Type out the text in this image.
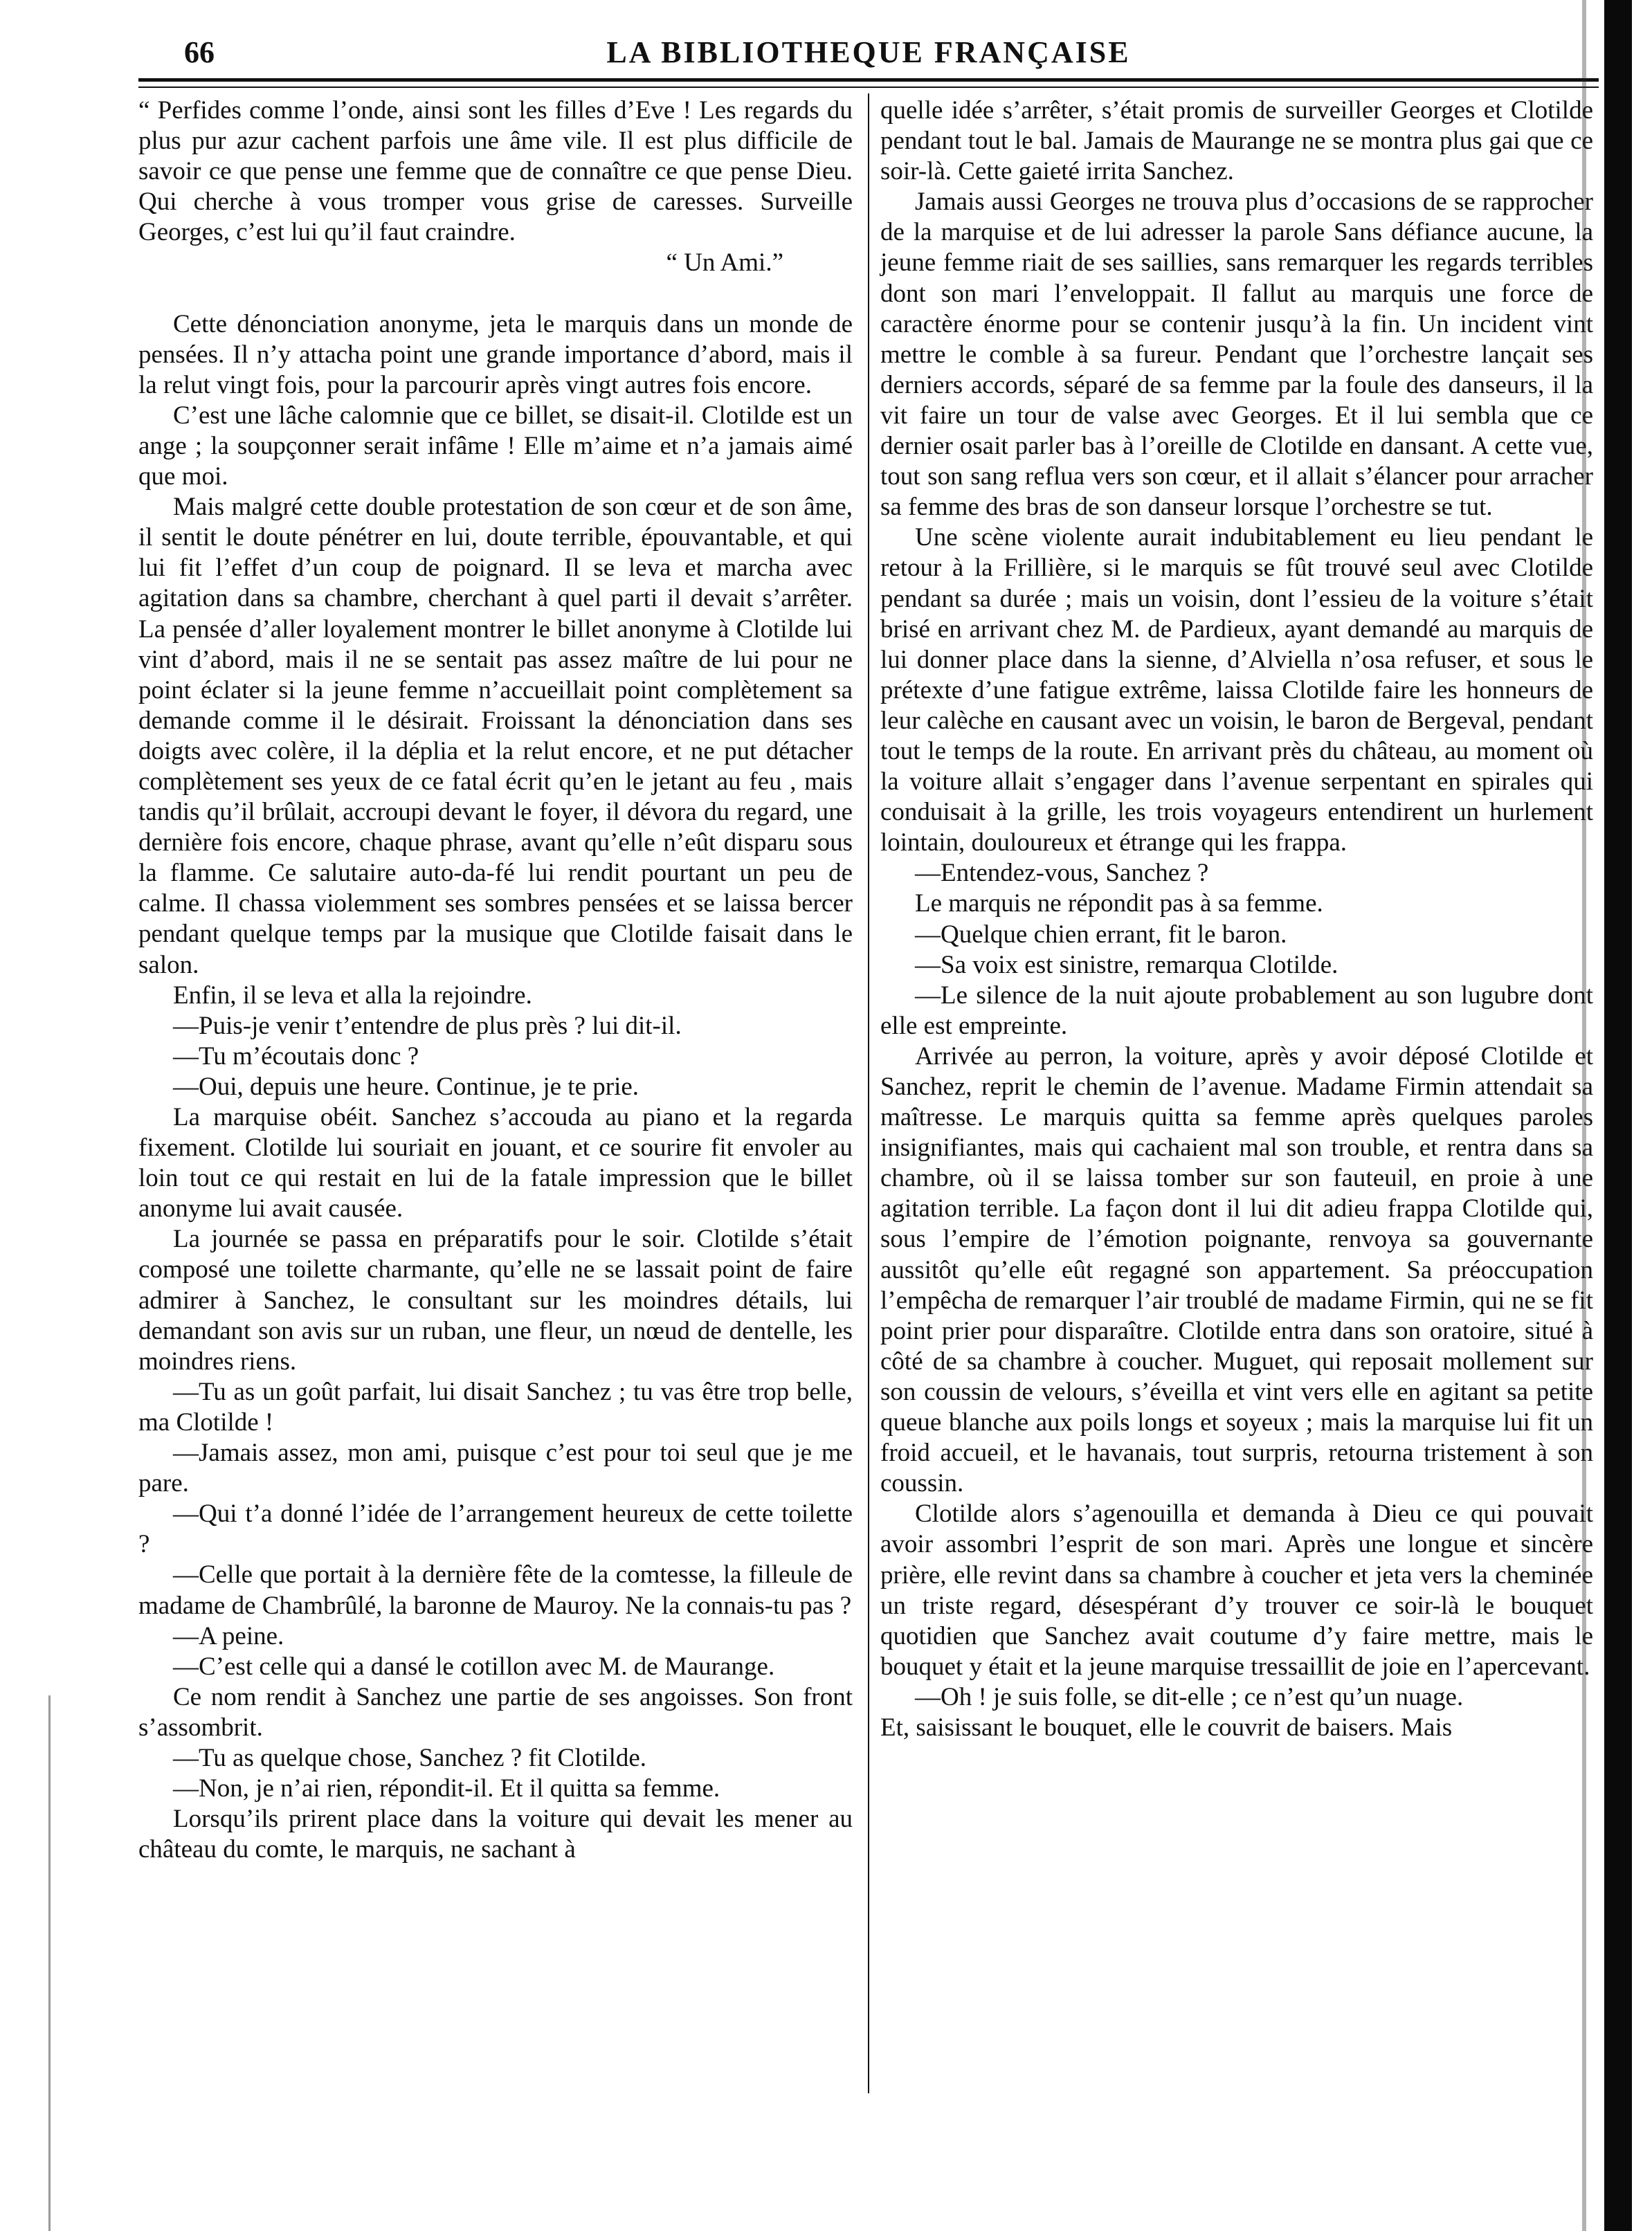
66	LA BIBLIOTHEQUE FRANÇAISE

“ Perfides comme l’onde, ainsi sont les filles d’Eve ! Les regards du plus pur azur cachent parfois une âme vile. Il est plus difficile de savoir ce que pense une femme que de connaître ce que pense Dieu. Qui cherche à vous tromper vous grise de caresses. Surveille Georges, c’est lui qu’il faut craindre.

“ Un Ami.”

Cette dénonciation anonyme, jeta le marquis dans un monde de pensées. Il n’y attacha point une grande importance d’abord, mais il la relut vingt fois, pour la parcourir après vingt autres fois encore.

C’est une lâche calomnie que ce billet, se disait-il. Clotilde est un ange ; la soupçonner serait infâme ! Elle m’aime et n’a jamais aimé que moi.

Mais malgré cette double protestation de son cœur et de son âme, il sentit le doute pénétrer en lui, doute terrible, épouvantable, et qui lui fit l’effet d’un coup de poignard. Il se leva et marcha avec agitation dans sa chambre, cherchant à quel parti il devait s’arrêter. La pensée d’aller loyalement montrer le billet anonyme à Clotilde lui vint d’abord, mais il ne se sentait pas assez maître de lui pour ne point éclater si la jeune femme n’accueillait point complètement sa demande comme il le désirait. Froissant la dénonciation dans ses doigts avec colère, il la déplia et la relut encore, et ne put détacher complètement ses yeux de ce fatal écrit qu’en le jetant au feu , mais tandis qu’il brûlait, accroupi devant le foyer, il dévora du regard, une dernière fois encore, chaque phrase, avant qu’elle n’eût disparu sous la flamme. Ce salutaire auto-da-fé lui rendit pourtant un peu de calme. Il chassa violemment ses sombres pensées et se laissa bercer pendant quelque temps par la musique que Clotilde faisait dans le salon.

Enfin, il se leva et alla la rejoindre.

—Puis-je venir t’entendre de plus près ? lui dit-il.

—Tu m’écoutais donc ?

—Oui, depuis une heure. Continue, je te prie.

La marquise obéit. Sanchez s’accouda au piano et la regarda fixement. Clotilde lui souriait en jouant, et ce sourire fit envoler au loin tout ce qui restait en lui de la fatale impression que le billet anonyme lui avait causée.

La journée se passa en préparatifs pour le soir. Clotilde s’était composé une toilette charmante, qu’elle ne se lassait point de faire admirer à Sanchez, le consultant sur les moindres détails, lui demandant son avis sur un ruban, une fleur, un nœud de dentelle, les moindres riens.

—Tu as un goût parfait, lui disait Sanchez ; tu vas être trop belle, ma Clotilde !

—Jamais assez, mon ami, puisque c’est pour toi seul que je me pare.

—Qui t’a donné l’idée de l’arrangement heureux de cette toilette ?

—Celle que portait à la dernière fête de la comtesse, la filleule de madame de Chambrûlé, la baronne de Mauroy. Ne la connais-tu pas ?

—A peine.

—C’est celle qui a dansé le cotillon avec M. de Maurange.

Ce nom rendit à Sanchez une partie de ses angoisses. Son front s’assombrit.

—Tu as quelque chose, Sanchez ? fit Clotilde.

—Non, je n’ai rien, répondit-il. Et il quitta sa femme.

Lorsqu’ils prirent place dans la voiture qui devait les mener au château du comte, le marquis, ne sachant à

quelle idée s’arrêter, s’était promis de surveiller Georges et Clotilde pendant tout le bal. Jamais de Maurange ne se montra plus gai que ce soir-là. Cette gaieté irrita Sanchez.

Jamais aussi Georges ne trouva plus d’occasions de se rapprocher de la marquise et de lui adresser la parole Sans défiance aucune, la jeune femme riait de ses saillies, sans remarquer les regards terribles dont son mari l’enveloppait. Il fallut au marquis une force de caractère énorme pour se contenir jusqu’à la fin. Un incident vint mettre le comble à sa fureur. Pendant que l’orchestre lançait ses derniers accords, séparé de sa femme par la foule des danseurs, il la vit faire un tour de valse avec Georges. Et il lui sembla que ce dernier osait parler bas à l’oreille de Clotilde en dansant. A cette vue, tout son sang reflua vers son cœur, et il allait s’élancer pour arracher sa femme des bras de son danseur lorsque l’orchestre se tut.

Une scène violente aurait indubitablement eu lieu pendant le retour à la Frillière, si le marquis se fût trouvé seul avec Clotilde pendant sa durée ; mais un voisin, dont l’essieu de la voiture s’était brisé en arrivant chez M. de Pardieux, ayant demandé au marquis de lui donner place dans la sienne, d’Alviella n’osa refuser, et sous le prétexte d’une fatigue extrême, laissa Clotilde faire les honneurs de leur calèche en causant avec un voisin, le baron de Bergeval, pendant tout le temps de la route. En arrivant près du château, au moment où la voiture allait s’engager dans l’avenue serpentant en spirales qui conduisait à la grille, les trois voyageurs entendirent un hurlement lointain, douloureux et étrange qui les frappa.

—Entendez-vous, Sanchez ?

Le marquis ne répondit pas à sa femme.

—Quelque chien errant, fit le baron.

—Sa voix est sinistre, remarqua Clotilde.

—Le silence de la nuit ajoute probablement au son lugubre dont elle est empreinte.

Arrivée au perron, la voiture, après y avoir déposé Clotilde et Sanchez, reprit le chemin de l’avenue. Madame Firmin attendait sa maîtresse. Le marquis quitta sa femme après quelques paroles insignifiantes, mais qui cachaient mal son trouble, et rentra dans sa chambre, où il se laissa tomber sur son fauteuil, en proie à une agitation terrible. La façon dont il lui dit adieu frappa Clotilde qui, sous l’empire de l’émotion poignante, renvoya sa gouvernante aussitôt qu’elle eût regagné son appartement. Sa préoccupation l’empêcha de remarquer l’air troublé de madame Firmin, qui ne se fit point prier pour disparaître. Clotilde entra dans son oratoire, situé à côté de sa chambre à coucher. Muguet, qui reposait mollement sur son coussin de velours, s’éveilla et vint vers elle en agitant sa petite queue blanche aux poils longs et soyeux ; mais la marquise lui fit un froid accueil, et le havanais, tout surpris, retourna tristement à son coussin.

Clotilde alors s’agenouilla et demanda à Dieu ce qui pouvait avoir assombri l’esprit de son mari. Après une longue et sincère prière, elle revint dans sa chambre à coucher et jeta vers la cheminée un triste regard, désespérant d’y trouver ce soir-là le bouquet quotidien que Sanchez avait coutume d’y faire mettre, mais le bouquet y était et la jeune marquise tressaillit de joie en l’apercevant.

—Oh ! je suis folle, se dit-elle ; ce n’est qu’un nuage.

Et, saisissant le bouquet, elle le couvrit de baisers. Mais
